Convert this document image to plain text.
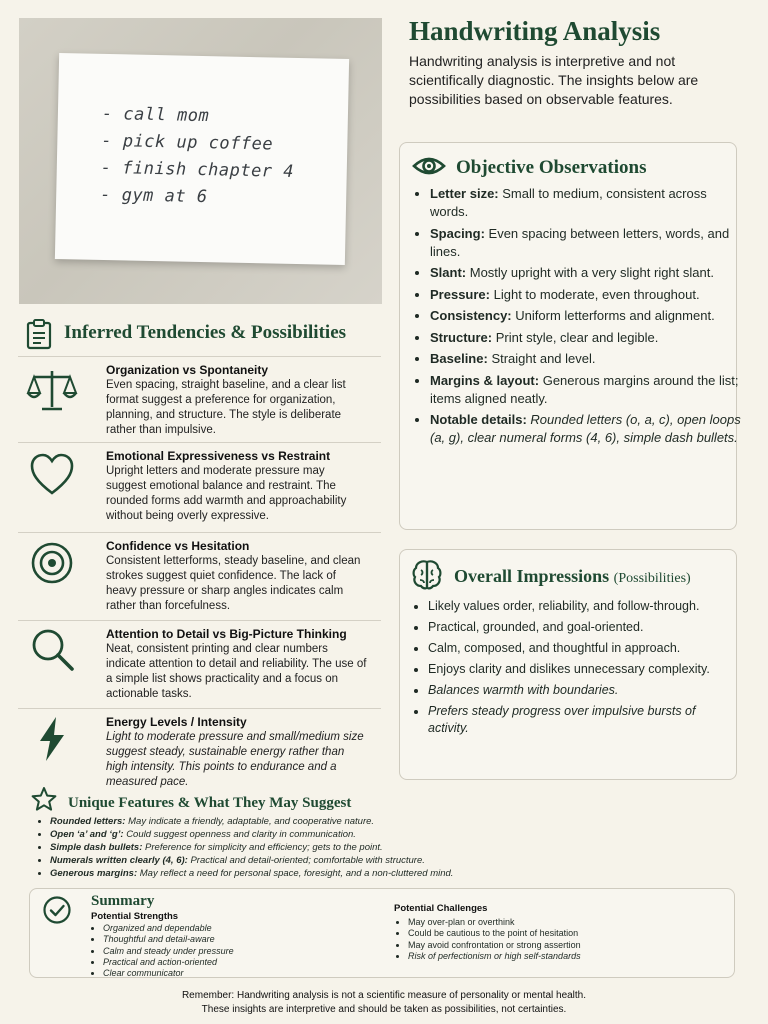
- call mom
- pick up coffee
- finish chapter 4
- gym at 6
Handwriting Analysis
Handwriting analysis is interpretive and not scientifically diagnostic. The insights below are possibilities based on observable features.
Objective Observations
• Letter size: Small to medium, consistent across words.
• Spacing: Even spacing between letters, words, and lines.
• Slant: Mostly upright with a very slight right slant.
• Pressure: Light to moderate, even throughout.
• Consistency: Uniform letterforms and alignment.
• Structure: Print style, clear and legible.
• Baseline: Straight and level.
• Margins & layout: Generous margins around the list; items aligned neatly.
• Notable details: Rounded letters (o, a, c), open loops (a, g), clear numeral forms (4, 6), simple dash bullets.
Inferred Tendencies & Possibilities
Organization vs Spontaneity
Even spacing, straight baseline, and a clear list format suggest a preference for organization, planning, and structure. The style is deliberate rather than impulsive.
Emotional Expressiveness vs Restraint
Upright letters and moderate pressure may suggest emotional balance and restraint. The rounded forms add warmth and approachability without being overly expressive.
Confidence vs Hesitation
Consistent letterforms, steady baseline, and clean strokes suggest quiet confidence. The lack of heavy pressure or sharp angles indicates calm rather than forcefulness.
Attention to Detail vs Big-Picture Thinking
Neat, consistent printing and clear numbers indicate attention to detail and reliability. The use of a simple list shows practicality and a focus on actionable tasks.
Energy Levels / Intensity
Light to moderate pressure and small/medium size suggest steady, sustainable energy rather than high intensity. This points to endurance and a measured pace.
Overall Impressions (Possibilities)
• Likely values order, reliability, and follow-through.
• Practical, grounded, and goal-oriented.
• Calm, composed, and thoughtful in approach.
• Enjoys clarity and dislikes unnecessary complexity.
• Balances warmth with boundaries.
• Prefers steady progress over impulsive bursts of activity.
Unique Features & What They May Suggest
• Rounded letters: May indicate a friendly, adaptable, and cooperative nature.
• Open ‘a’ and ‘g’: Could suggest openness and clarity in communication.
• Simple dash bullets: Preference for simplicity and efficiency; gets to the point.
• Numerals written clearly (4, 6): Practical and detail-oriented; comfortable with structure.
• Generous margins: May reflect a need for personal space, foresight, and a non-cluttered mind.
Summary
Potential Strengths
• Organized and dependable
• Thoughtful and detail-aware
• Calm and steady under pressure
• Practical and action-oriented
• Clear communicator
Potential Challenges
• May over-plan or overthink
• Could be cautious to the point of hesitation
• May avoid confrontation or strong assertion
• Risk of perfectionism or high self-standards
Remember: Handwriting analysis is not a scientific measure of personality or mental health.
These insights are interpretive and should be taken as possibilities, not certainties.
